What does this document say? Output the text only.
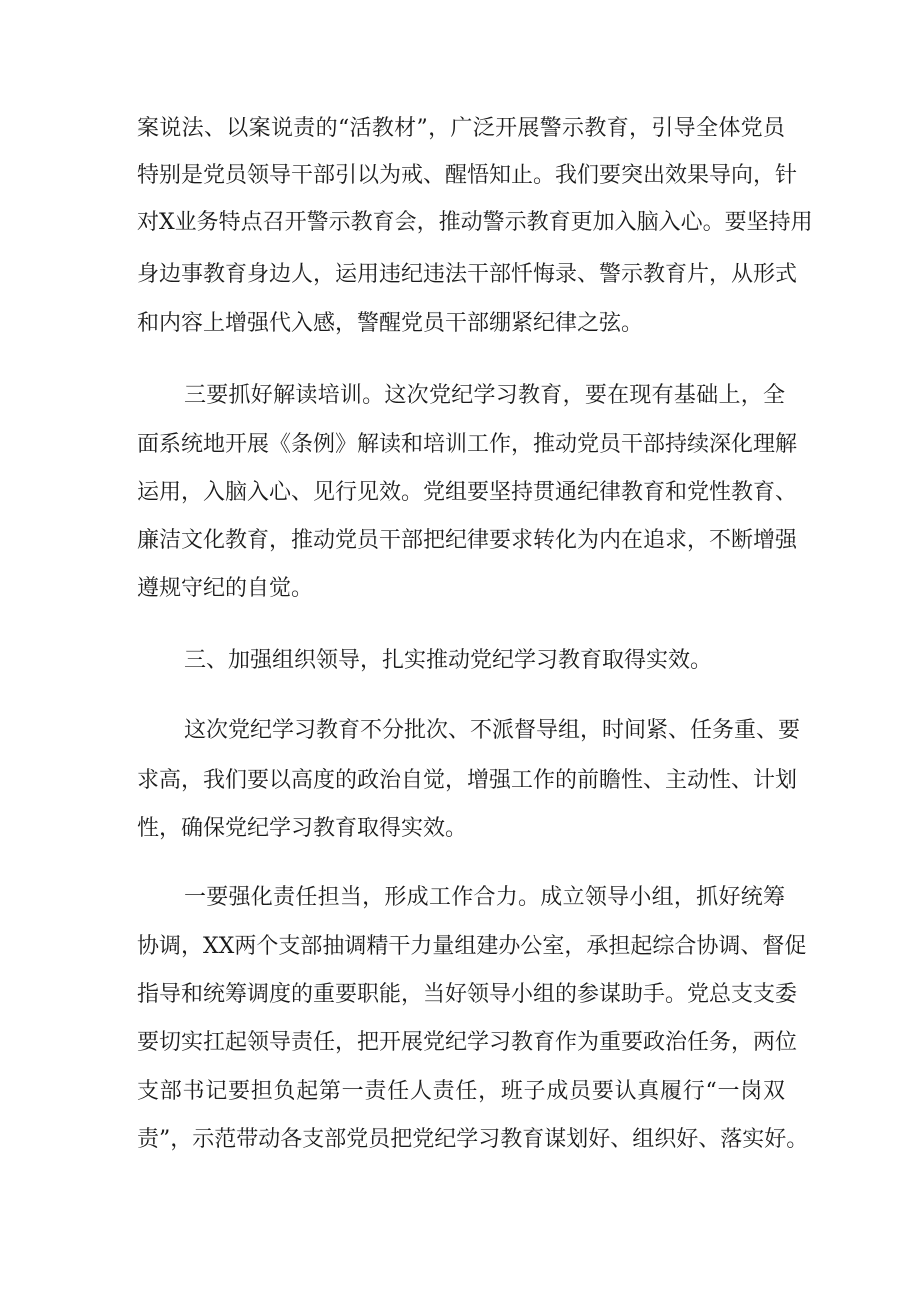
案说法、以案说责的“活教材”，广泛开展警示教育，引导全体党员
特别是党员领导干部引以为戒、醒悟知止。我们要突出效果导向，针
对X业务特点召开警示教育会，推动警示教育更加入脑入心。要坚持用
身边事教育身边人，运用违纪违法干部忏悔录、警示教育片，从形式
和内容上增强代入感，警醒党员干部绷紧纪律之弦。
三要抓好解读培训。这次党纪学习教育，要在现有基础上，全
面系统地开展《条例》解读和培训工作，推动党员干部持续深化理解
运用，入脑入心、见行见效。党组要坚持贯通纪律教育和党性教育、
廉洁文化教育，推动党员干部把纪律要求转化为内在追求，不断增强
遵规守纪的自觉。
三、加强组织领导，扎实推动党纪学习教育取得实效。
这次党纪学习教育不分批次、不派督导组，时间紧、任务重、要
求高，我们要以高度的政治自觉，增强工作的前瞻性、主动性、计划
性，确保党纪学习教育取得实效。
一要强化责任担当，形成工作合力。成立领导小组，抓好统筹
协调，XX两个支部抽调精干力量组建办公室，承担起综合协调、督促
指导和统筹调度的重要职能，当好领导小组的参谋助手。党总支支委
要切实扛起领导责任，把开展党纪学习教育作为重要政治任务，两位
支部书记要担负起第一责任人责任，班子成员要认真履行“一岗双
责”，示范带动各支部党员把党纪学习教育谋划好、组织好、落实好。
